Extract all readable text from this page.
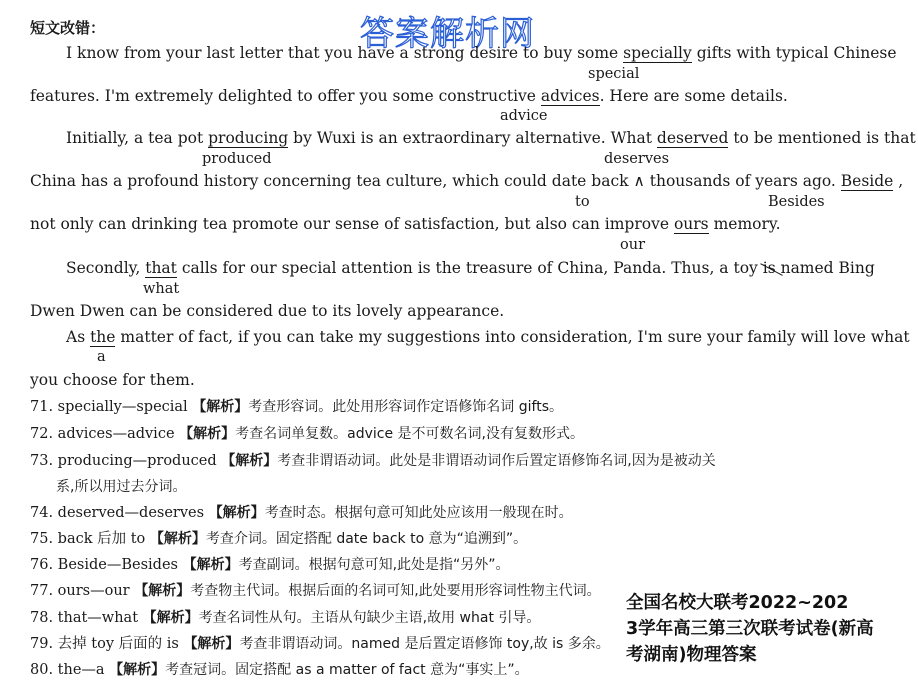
短文改错：	答案解析网
I know from your last letter that you have a strong desire to buy some specially gifts with typical Chinese
special
features. I'm extremely delighted to offer you some constructive advices. Here are some details.
advice
Initially, a tea pot producing by Wuxi is an extraordinary alternative. What deserved to be mentioned is that
produced	deserves
China has a profound history concerning tea culture, which could date back ∧ thousands of years ago. Beside ,
to	Besides
not only can drinking tea promote our sense of satisfaction, but also can improve ours memory.
our
Secondly, that calls for our special attention is the treasure of China, Panda. Thus, a toy is named Bing
what
Dwen Dwen can be considered due to its lovely appearance.
As the matter of fact, if you can take my suggestions into consideration, I'm sure your family will love what
a
you choose for them.
71. specially—special 【解析】考查形容词。此处用形容词作定语修饰名词 gifts。
72. advices—advice 【解析】考查名词单复数。advice 是不可数名词,没有复数形式。
73. producing—produced 【解析】考查非谓语动词。此处是非谓语动词作后置定语修饰名词,因为是被动关
系,所以用过去分词。
74. deserved—deserves 【解析】考查时态。根据句意可知此处应该用一般现在时。
75. back 后加 to 【解析】考查介词。固定搭配 date back to 意为“追溯到”。
76. Beside—Besides 【解析】考查副词。根据句意可知,此处是指“另外”。
77. ours—our 【解析】考查物主代词。根据后面的名词可知,此处要用形容词性物主代词。
78. that—what 【解析】考查名词性从句。主语从句缺少主语,故用 what 引导。
79. 去掉 toy 后面的 is 【解析】考查非谓语动词。named 是后置定语修饰 toy,故 is 多余。
80. the—a 【解析】考查冠词。固定搭配 as a matter of fact 意为“事实上”。
全国名校大联考2022~202
3学年高三第三次联考试卷(新高
考湖南)物理答案
